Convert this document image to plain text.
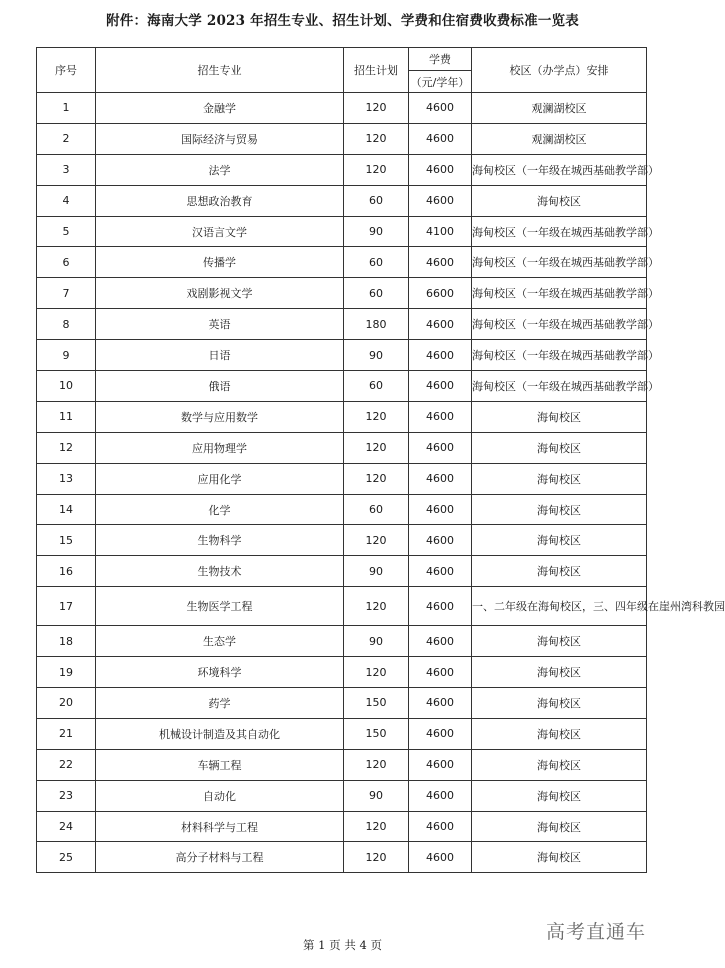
附件：海南大学 2023 年招生专业、招生计划、学费和住宿费收费标准一览表
序号	招生专业	招生计划	学费	校区（办学点）安排
			（元/学年）	
1	金融学	120	4600	观澜湖校区
2	国际经济与贸易	120	4600	观澜湖校区
3	法学	120	4600	海甸校区（一年级在城西基础教学部）
4	思想政治教育	60	4600	海甸校区
5	汉语言文学	90	4100	海甸校区（一年级在城西基础教学部）
6	传播学	60	4600	海甸校区（一年级在城西基础教学部）
7	戏剧影视文学	60	6600	海甸校区（一年级在城西基础教学部）
8	英语	180	4600	海甸校区（一年级在城西基础教学部）
9	日语	90	4600	海甸校区（一年级在城西基础教学部）
10	俄语	60	4600	海甸校区（一年级在城西基础教学部）
11	数学与应用数学	120	4600	海甸校区
12	应用物理学	120	4600	海甸校区
13	应用化学	120	4600	海甸校区
14	化学	60	4600	海甸校区
15	生物科学	120	4600	海甸校区
16	生物技术	90	4600	海甸校区
17	生物医学工程	120	4600	一、二年级在海甸校区，三、四年级在崖州湾科教园
18	生态学	90	4600	海甸校区
19	环境科学	120	4600	海甸校区
20	药学	150	4600	海甸校区
21	机械设计制造及其自动化	150	4600	海甸校区
22	车辆工程	120	4600	海甸校区
23	自动化	90	4600	海甸校区
24	材料科学与工程	120	4600	海甸校区
25	高分子材料与工程	120	4600	海甸校区
第 1 页 共 4 页
高考直通车
